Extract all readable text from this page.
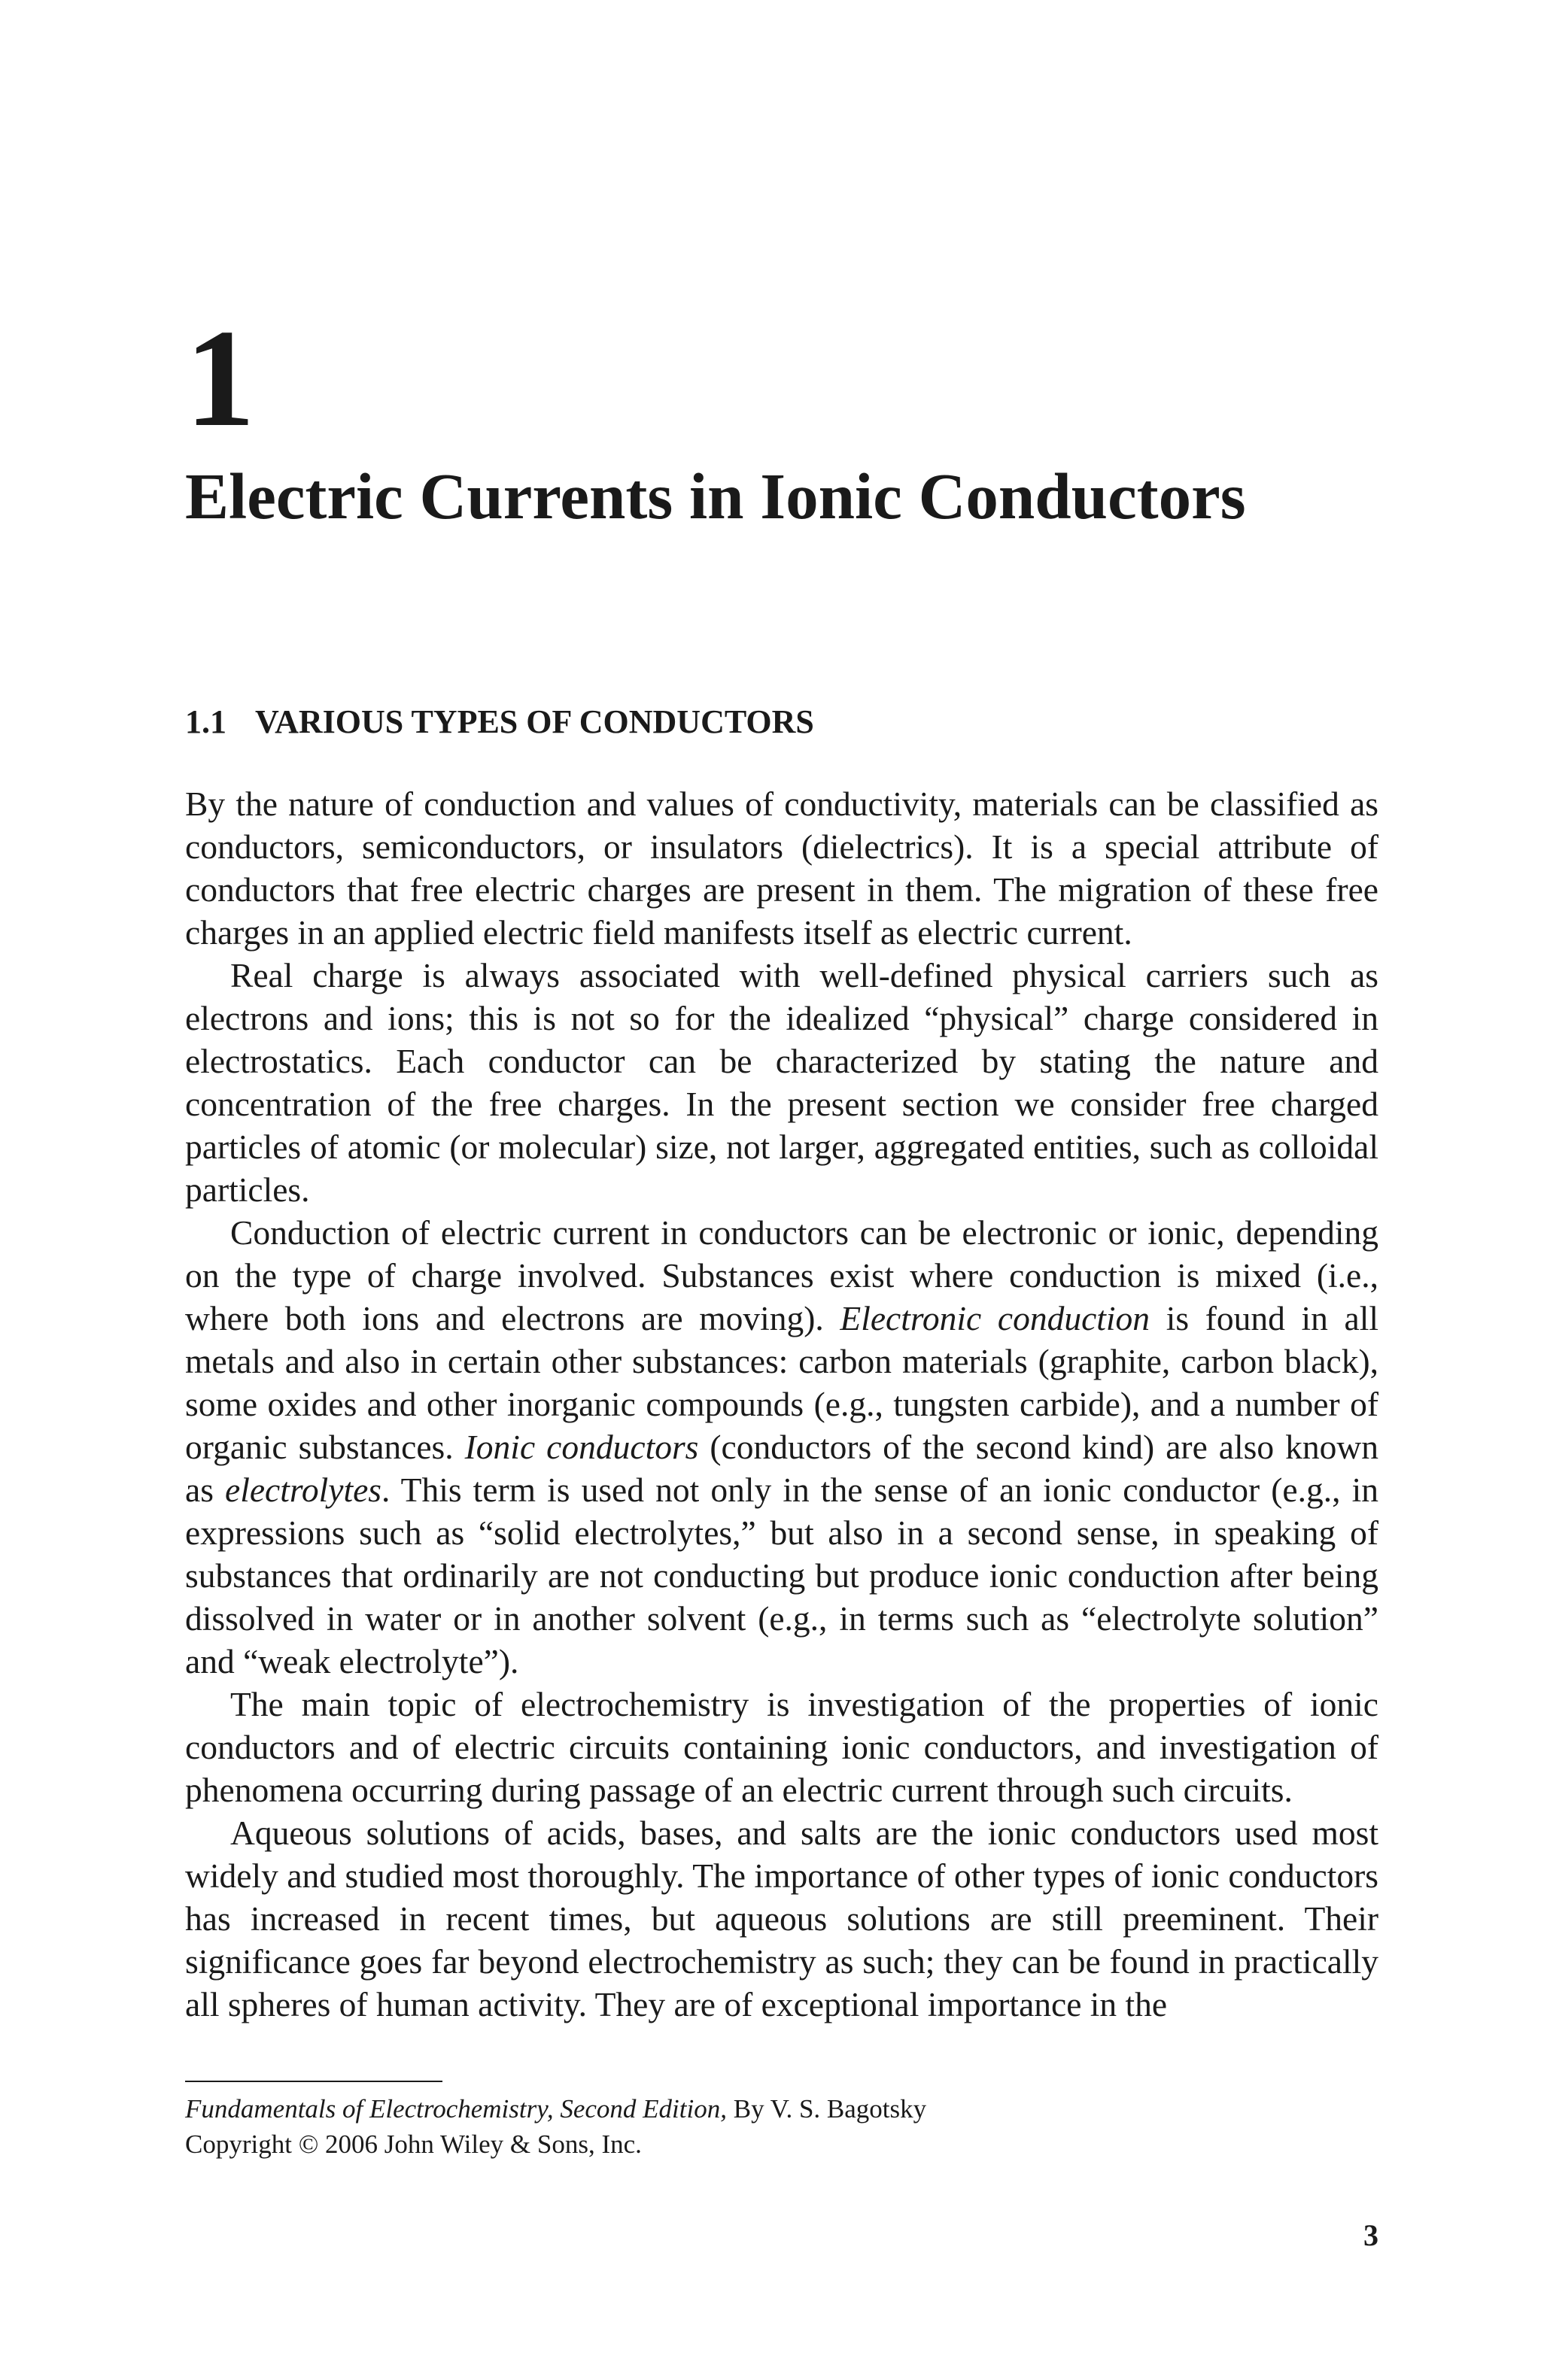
1
Electric Currents in Ionic Conductors
1.1 VARIOUS TYPES OF CONDUCTORS

By the nature of conduction and values of conductivity, materials can be classified as conductors, semiconductors, or insulators (dielectrics). It is a special attribute of conductors that free electric charges are present in them. The migration of these free charges in an applied electric field manifests itself as electric current.

Real charge is always associated with well-defined physical carriers such as electrons and ions; this is not so for the idealized “physical” charge considered in electrostatics. Each conductor can be characterized by stating the nature and concentration of the free charges. In the present section we consider free charged particles of atomic (or molecular) size, not larger, aggregated entities, such as colloidal particles.

Conduction of electric current in conductors can be electronic or ionic, depending on the type of charge involved. Substances exist where conduction is mixed (i.e., where both ions and electrons are moving). Electronic conduction is found in all metals and also in certain other substances: carbon materials (graphite, carbon black), some oxides and other inorganic compounds (e.g., tungsten carbide), and a number of organic substances. Ionic conductors (conductors of the second kind) are also known as electrolytes. This term is used not only in the sense of an ionic conductor (e.g., in expressions such as “solid electrolytes,” but also in a second sense, in speaking of substances that ordinarily are not conducting but produce ionic conduction after being dissolved in water or in another solvent (e.g., in terms such as “electrolyte solution” and “weak electrolyte”).

The main topic of electrochemistry is investigation of the properties of ionic conductors and of electric circuits containing ionic conductors, and investigation of phenomena occurring during passage of an electric current through such circuits.

Aqueous solutions of acids, bases, and salts are the ionic conductors used most widely and studied most thoroughly. The importance of other types of ionic conductors has increased in recent times, but aqueous solutions are still preeminent. Their significance goes far beyond electrochemistry as such; they can be found in practically all spheres of human activity. They are of exceptional importance in the

Fundamentals of Electrochemistry, Second Edition, By V. S. Bagotsky
Copyright © 2006 John Wiley & Sons, Inc.
3
